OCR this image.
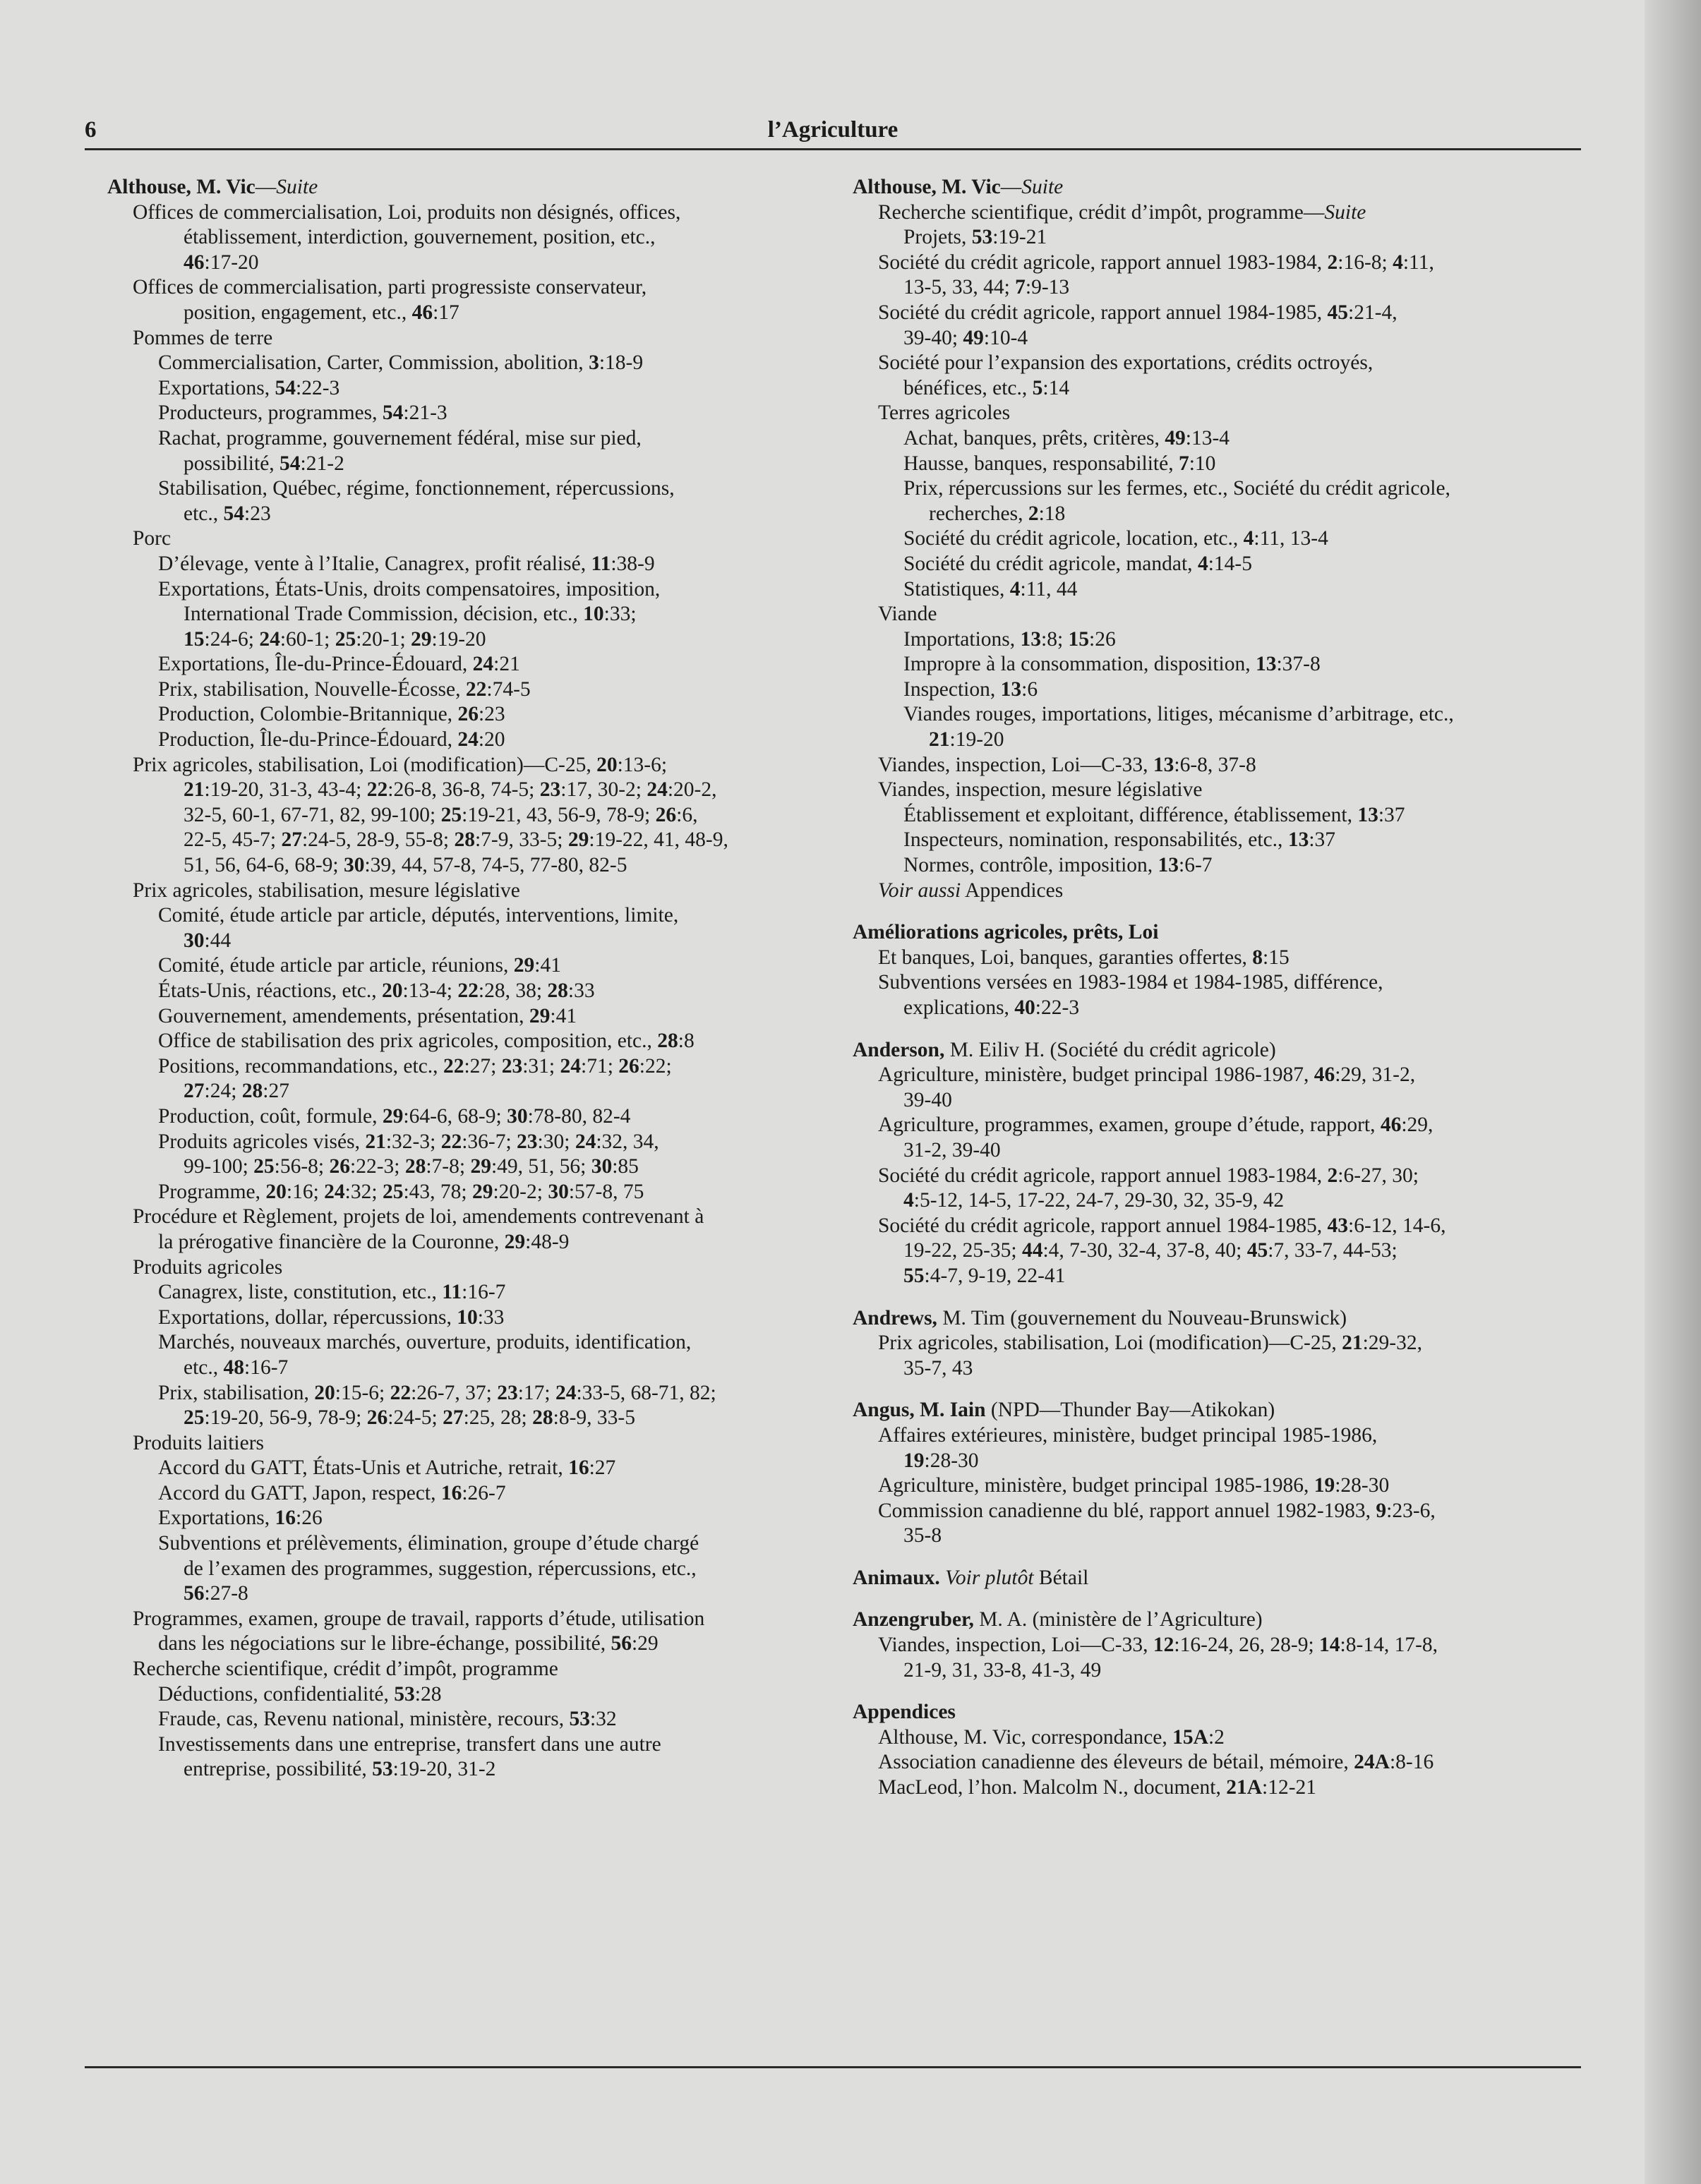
6	l’Agriculture
Althouse, M. Vic—Suite
Offices de commercialisation, Loi, produits non désignés, offices,
établissement, interdiction, gouvernement, position, etc.,
46:17-20
Offices de commercialisation, parti progressiste conservateur,
position, engagement, etc., 46:17
Pommes de terre
Commercialisation, Carter, Commission, abolition, 3:18-9
Exportations, 54:22-3
Producteurs, programmes, 54:21-3
Rachat, programme, gouvernement fédéral, mise sur pied,
possibilité, 54:21-2
Stabilisation, Québec, régime, fonctionnement, répercussions,
etc., 54:23
Porc
D’élevage, vente à l’Italie, Canagrex, profit réalisé, 11:38-9
Exportations, États-Unis, droits compensatoires, imposition,
International Trade Commission, décision, etc., 10:33;
15:24-6; 24:60-1; 25:20-1; 29:19-20
Exportations, Île-du-Prince-Édouard, 24:21
Prix, stabilisation, Nouvelle-Écosse, 22:74-5
Production, Colombie-Britannique, 26:23
Production, Île-du-Prince-Édouard, 24:20
Prix agricoles, stabilisation, Loi (modification)—C-25, 20:13-6;
21:19-20, 31-3, 43-4; 22:26-8, 36-8, 74-5; 23:17, 30-2; 24:20-2,
32-5, 60-1, 67-71, 82, 99-100; 25:19-21, 43, 56-9, 78-9; 26:6,
22-5, 45-7; 27:24-5, 28-9, 55-8; 28:7-9, 33-5; 29:19-22, 41, 48-9,
51, 56, 64-6, 68-9; 30:39, 44, 57-8, 74-5, 77-80, 82-5
Prix agricoles, stabilisation, mesure législative
Comité, étude article par article, députés, interventions, limite,
30:44
Comité, étude article par article, réunions, 29:41
États-Unis, réactions, etc., 20:13-4; 22:28, 38; 28:33
Gouvernement, amendements, présentation, 29:41
Office de stabilisation des prix agricoles, composition, etc., 28:8
Positions, recommandations, etc., 22:27; 23:31; 24:71; 26:22;
27:24; 28:27
Production, coût, formule, 29:64-6, 68-9; 30:78-80, 82-4
Produits agricoles visés, 21:32-3; 22:36-7; 23:30; 24:32, 34,
99-100; 25:56-8; 26:22-3; 28:7-8; 29:49, 51, 56; 30:85
Programme, 20:16; 24:32; 25:43, 78; 29:20-2; 30:57-8, 75
Procédure et Règlement, projets de loi, amendements contrevenant à
la prérogative financière de la Couronne, 29:48-9
Produits agricoles
Canagrex, liste, constitution, etc., 11:16-7
Exportations, dollar, répercussions, 10:33
Marchés, nouveaux marchés, ouverture, produits, identification,
etc., 48:16-7
Prix, stabilisation, 20:15-6; 22:26-7, 37; 23:17; 24:33-5, 68-71, 82;
25:19-20, 56-9, 78-9; 26:24-5; 27:25, 28; 28:8-9, 33-5
Produits laitiers
Accord du GATT, États-Unis et Autriche, retrait, 16:27
Accord du GATT, Japon, respect, 16:26-7
Exportations, 16:26
Subventions et prélèvements, élimination, groupe d’étude chargé
de l’examen des programmes, suggestion, répercussions, etc.,
56:27-8
Programmes, examen, groupe de travail, rapports d’étude, utilisation
dans les négociations sur le libre-échange, possibilité, 56:29
Recherche scientifique, crédit d’impôt, programme
Déductions, confidentialité, 53:28
Fraude, cas, Revenu national, ministère, recours, 53:32
Investissements dans une entreprise, transfert dans une autre
entreprise, possibilité, 53:19-20, 31-2
Althouse, M. Vic—Suite
Recherche scientifique, crédit d’impôt, programme—Suite
Projets, 53:19-21
Société du crédit agricole, rapport annuel 1983-1984, 2:16-8; 4:11,
13-5, 33, 44; 7:9-13
Société du crédit agricole, rapport annuel 1984-1985, 45:21-4,
39-40; 49:10-4
Société pour l’expansion des exportations, crédits octroyés,
bénéfices, etc., 5:14
Terres agricoles
Achat, banques, prêts, critères, 49:13-4
Hausse, banques, responsabilité, 7:10
Prix, répercussions sur les fermes, etc., Société du crédit agricole,
recherches, 2:18
Société du crédit agricole, location, etc., 4:11, 13-4
Société du crédit agricole, mandat, 4:14-5
Statistiques, 4:11, 44
Viande
Importations, 13:8; 15:26
Impropre à la consommation, disposition, 13:37-8
Inspection, 13:6
Viandes rouges, importations, litiges, mécanisme d’arbitrage, etc.,
21:19-20
Viandes, inspection, Loi—C-33, 13:6-8, 37-8
Viandes, inspection, mesure législative
Établissement et exploitant, différence, établissement, 13:37
Inspecteurs, nomination, responsabilités, etc., 13:37
Normes, contrôle, imposition, 13:6-7
Voir aussi Appendices
Améliorations agricoles, prêts, Loi
Et banques, Loi, banques, garanties offertes, 8:15
Subventions versées en 1983-1984 et 1984-1985, différence,
explications, 40:22-3
Anderson, M. Eiliv H. (Société du crédit agricole)
Agriculture, ministère, budget principal 1986-1987, 46:29, 31-2,
39-40
Agriculture, programmes, examen, groupe d’étude, rapport, 46:29,
31-2, 39-40
Société du crédit agricole, rapport annuel 1983-1984, 2:6-27, 30;
4:5-12, 14-5, 17-22, 24-7, 29-30, 32, 35-9, 42
Société du crédit agricole, rapport annuel 1984-1985, 43:6-12, 14-6,
19-22, 25-35; 44:4, 7-30, 32-4, 37-8, 40; 45:7, 33-7, 44-53;
55:4-7, 9-19, 22-41
Andrews, M. Tim (gouvernement du Nouveau-Brunswick)
Prix agricoles, stabilisation, Loi (modification)—C-25, 21:29-32,
35-7, 43
Angus, M. Iain (NPD—Thunder Bay—Atikokan)
Affaires extérieures, ministère, budget principal 1985-1986,
19:28-30
Agriculture, ministère, budget principal 1985-1986, 19:28-30
Commission canadienne du blé, rapport annuel 1982-1983, 9:23-6,
35-8
Animaux. Voir plutôt Bétail
Anzengruber, M. A. (ministère de l’Agriculture)
Viandes, inspection, Loi—C-33, 12:16-24, 26, 28-9; 14:8-14, 17-8,
21-9, 31, 33-8, 41-3, 49
Appendices
Althouse, M. Vic, correspondance, 15A:2
Association canadienne des éleveurs de bétail, mémoire, 24A:8-16
MacLeod, l’hon. Malcolm N., document, 21A:12-21
